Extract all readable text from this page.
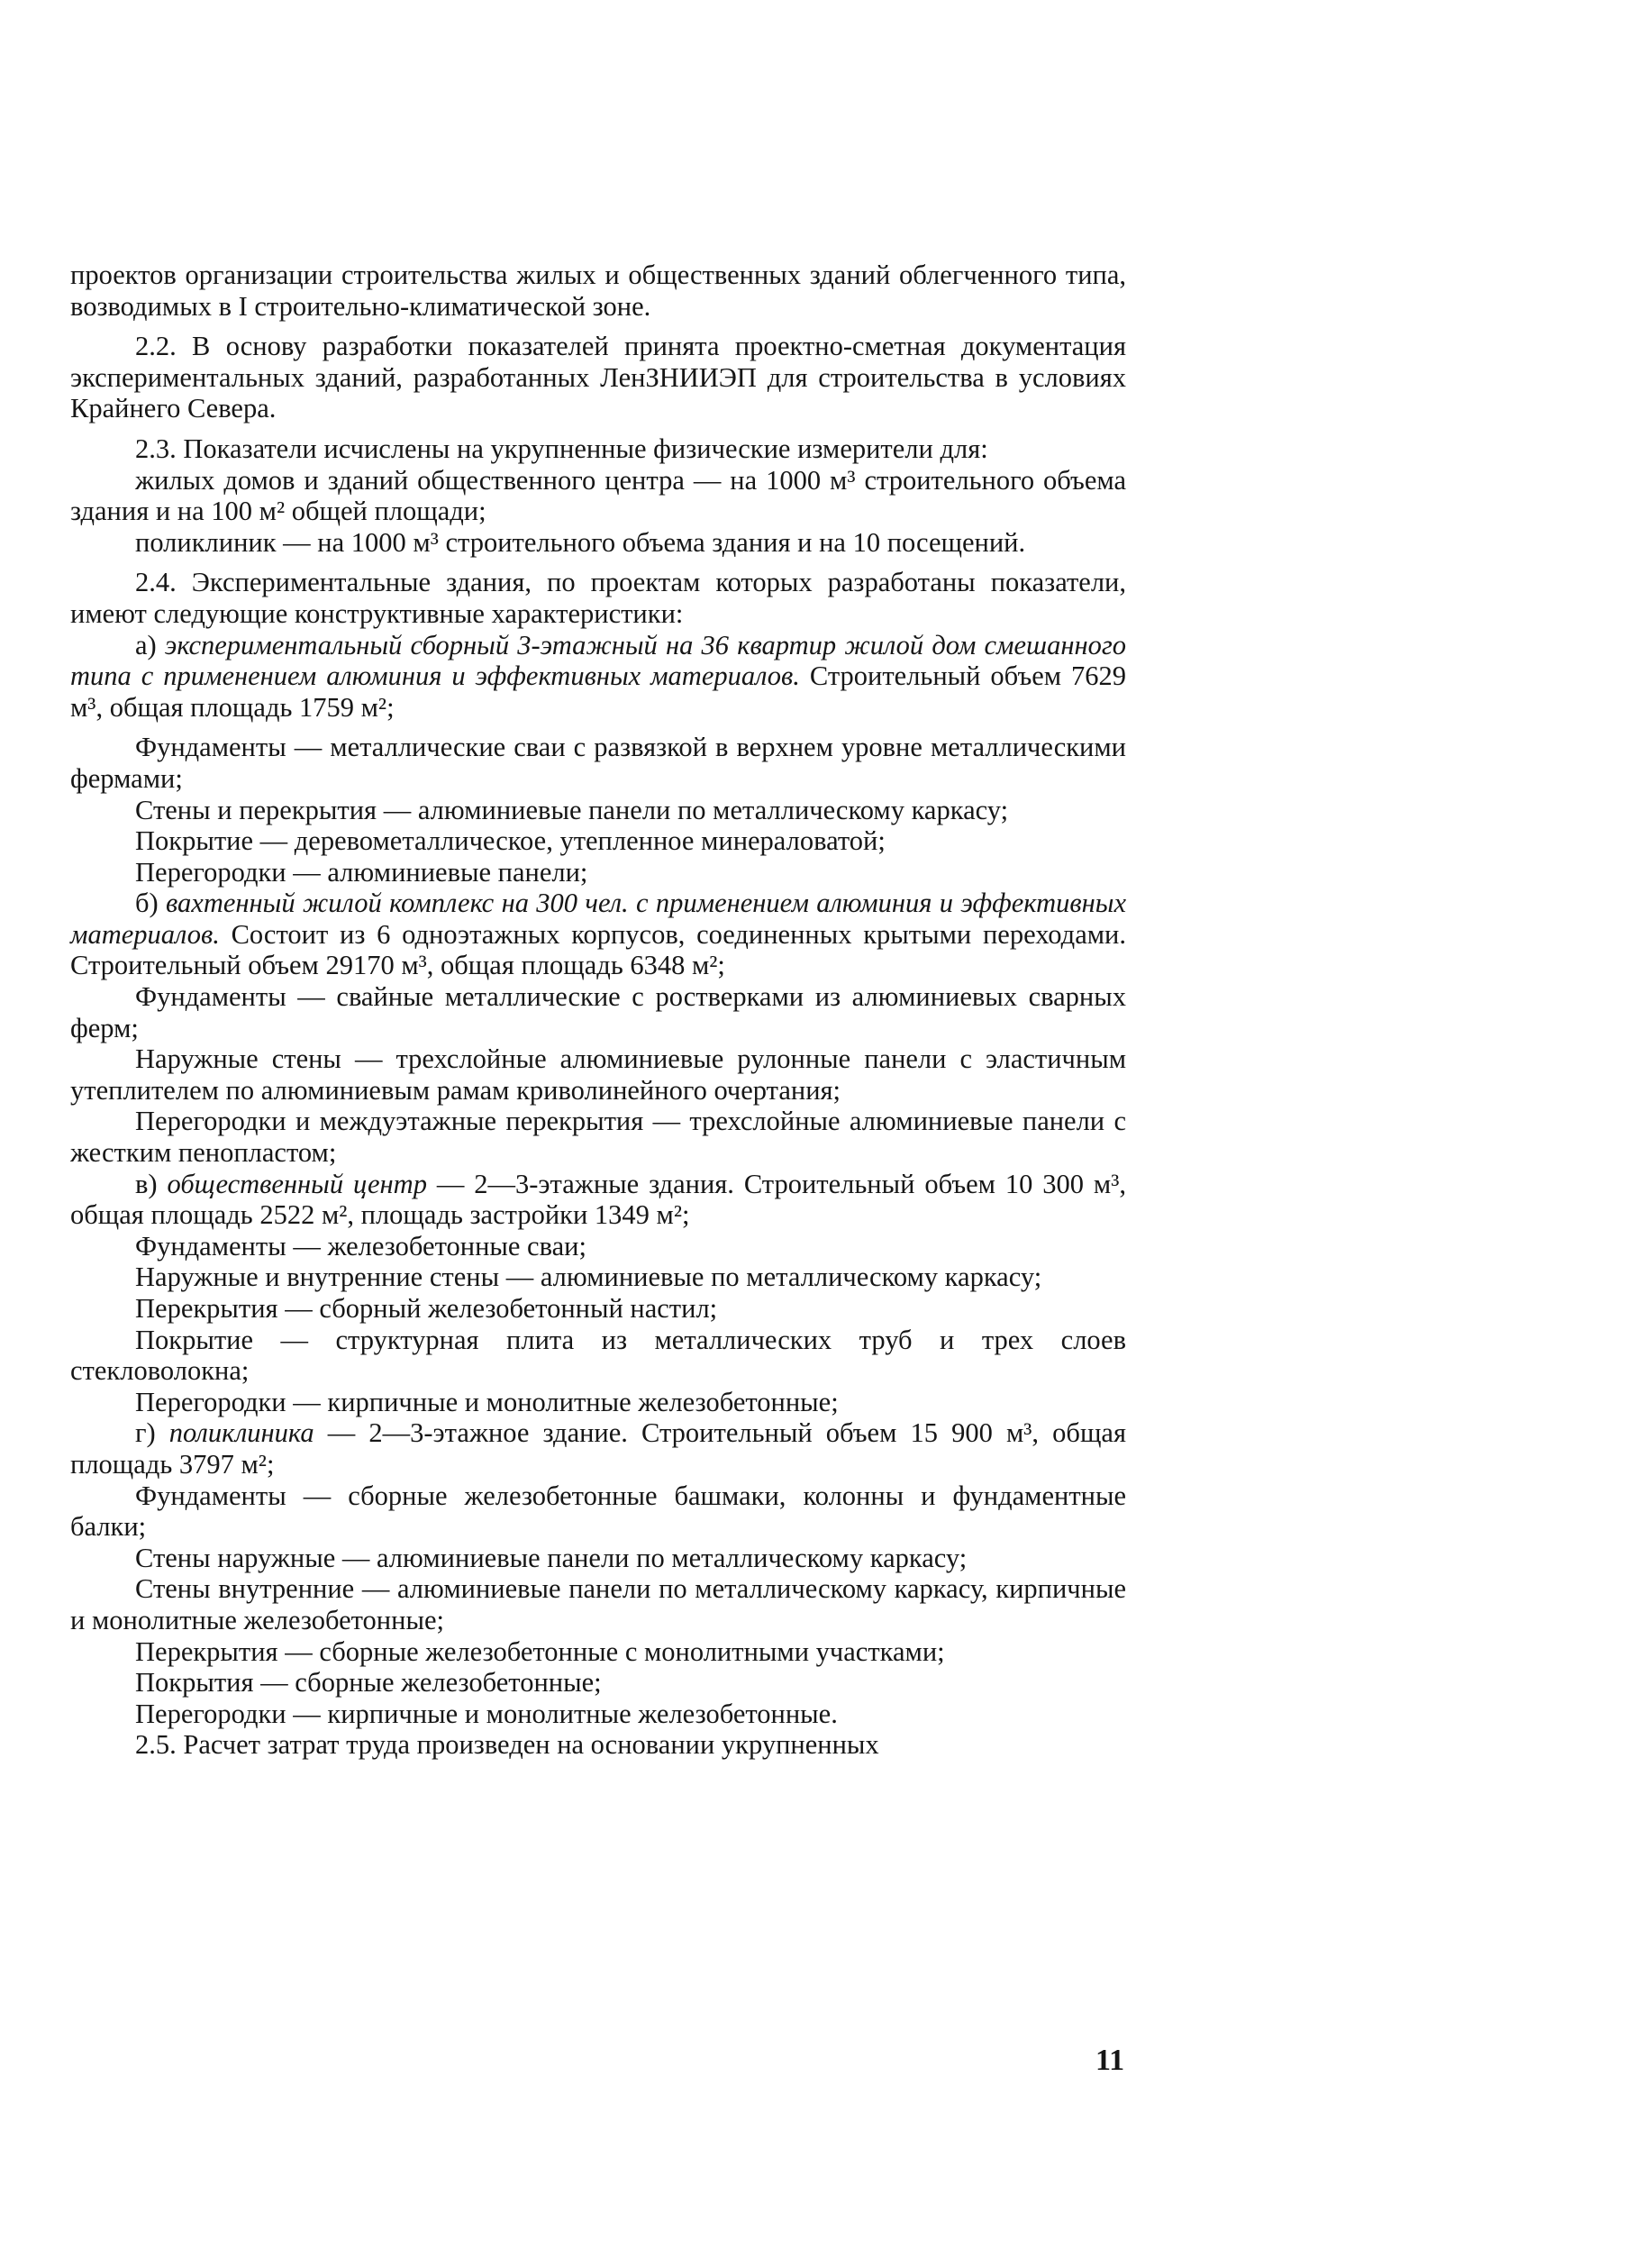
проектов организации строительства жилых и общественных зданий облегченного типа, возводимых в I строительно-климатической зоне.

2.2. В основу разработки показателей принята проектно-сметная документация экспериментальных зданий, разработанных ЛенЗНИИЭП для строительства в условиях Крайнего Севера.

2.3. Показатели исчислены на укрупненные физические измерители для:

жилых домов и зданий общественного центра — на 1000 м³ строительного объема здания и на 100 м² общей площади;

поликлиник — на 1000 м³ строительного объема здания и на 10 посещений.

2.4. Экспериментальные здания, по проектам которых разработаны показатели, имеют следующие конструктивные характеристики:

а) экспериментальный сборный 3-этажный на 36 квартир жилой дом смешанного типа с применением алюминия и эффективных материалов. Строительный объем 7629 м³, общая площадь 1759 м²;

Фундаменты — металлические сваи с развязкой в верхнем уровне металлическими фермами;

Стены и перекрытия — алюминиевые панели по металлическому каркасу;

Покрытие — деревометаллическое, утепленное минераловатой;

Перегородки — алюминиевые панели;

б) вахтенный жилой комплекс на 300 чел. с применением алюминия и эффективных материалов. Состоит из 6 одноэтажных корпусов, соединенных крытыми переходами. Строительный объем 29170 м³, общая площадь 6348 м²;

Фундаменты — свайные металлические с ростверками из алюминиевых сварных ферм;

Наружные стены — трехслойные алюминиевые рулонные панели с эластичным утеплителем по алюминиевым рамам криволинейного очертания;

Перегородки и междуэтажные перекрытия — трехслойные алюминиевые панели с жестким пенопластом;

в) общественный центр — 2—3-этажные здания. Строительный объем 10 300 м³, общая площадь 2522 м², площадь застройки 1349 м²;

Фундаменты — железобетонные сваи;

Наружные и внутренние стены — алюминиевые по металлическому каркасу;

Перекрытия — сборный железобетонный настил;

Покрытие — структурная плита из металлических труб и трех слоев стекловолокна;

Перегородки — кирпичные и монолитные железобетонные;

г) поликлиника — 2—3-этажное здание. Строительный объем 15 900 м³, общая площадь 3797 м²;

Фундаменты — сборные железобетонные башмаки, колонны и фундаментные балки;

Стены наружные — алюминиевые панели по металлическому каркасу;

Стены внутренние — алюминиевые панели по металлическому каркасу, кирпичные и монолитные железобетонные;

Перекрытия — сборные железобетонные с монолитными участками;

Покрытия — сборные железобетонные;

Перегородки — кирпичные и монолитные железобетонные.

2.5. Расчет затрат труда произведен на основании укрупненных

11
